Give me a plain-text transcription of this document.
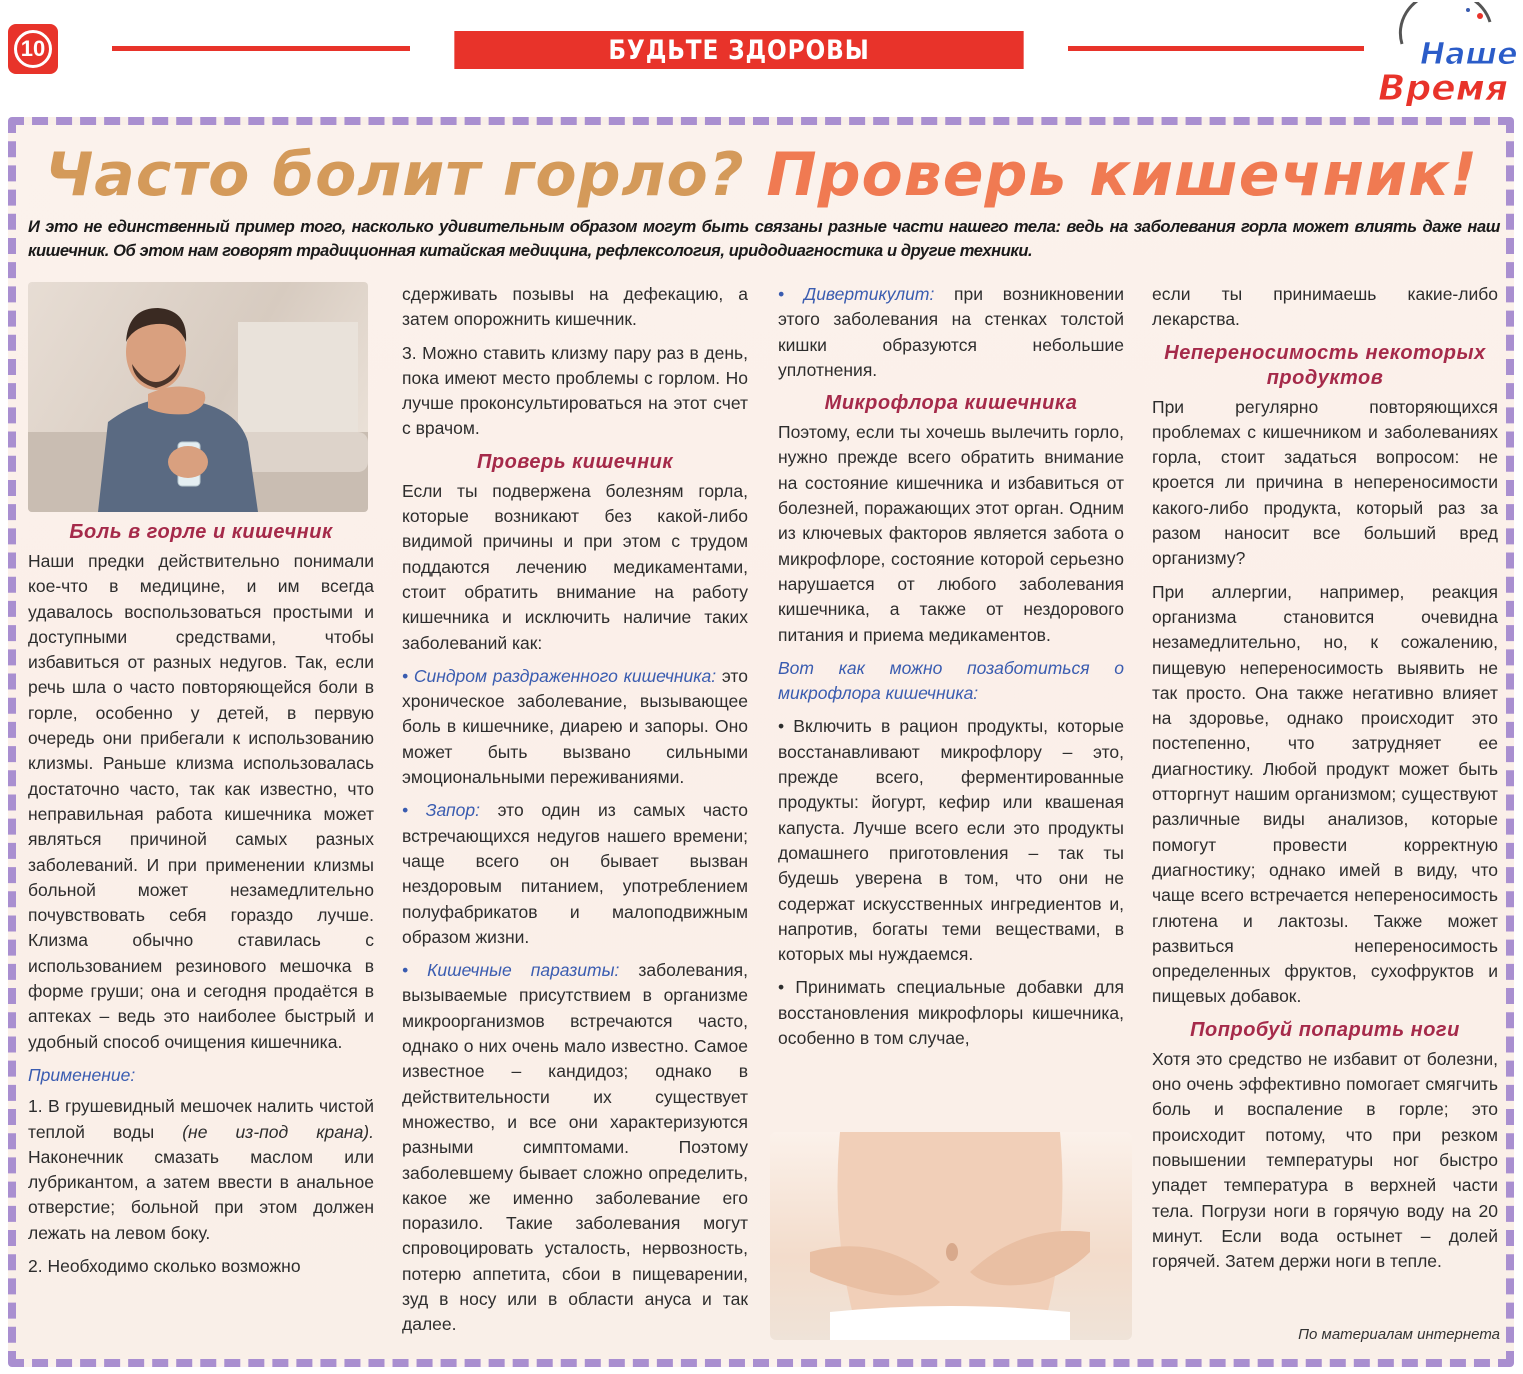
10	БУДЬТЕ ЗДОРОВЫ	Наше
Время
Часто болит горло? Проверь кишечник!
И это не единственный пример того, насколько удивительным образом могут быть связаны разные части нашего тела: ведь на заболевания горла может влиять даже наш кишечник. Об этом нам говорят традиционная китайская медицина, рефлексология, иридодиагностика и другие техники.
Боль в горле и кишечник

Наши предки действительно понимали кое-что в медицине, и им всегда удавалось воспользоваться простыми и доступными средствами, чтобы избавиться от разных недугов. Так, если речь шла о часто повторяющейся боли в горле, особенно у детей, в первую очередь они прибегали к использованию клизмы. Раньше клизма использовалась достаточно часто, так как известно, что неправильная работа кишечника может являться причиной самых разных заболеваний. И при применении клизмы больной может незамедлительно почувствовать себя гораздо лучше. Клизма обычно ставилась с использованием резинового мешочка в форме груши; она и сегодня продаётся в аптеках – ведь это наиболее быстрый и удобный способ очищения кишечника.

Применение:

1. В грушевидный мешочек налить чистой теплой воды (не из-под крана). Наконечник смазать маслом или лубрикантом, а затем ввести в анальное отверстие; больной при этом должен лежать на левом боку.

2. Необходимо сколько возможно

сдерживать позывы на дефекацию, а затем опорожнить кишечник.

3. Можно ставить клизму пару раз в день, пока имеют место проблемы с горлом. Но лучше проконсультироваться на этот счет с врачом.

Проверь кишечник

Если ты подвержена болезням горла, которые возникают без какой-либо видимой причины и при этом с трудом поддаются лечению медикаментами, стоит обратить внимание на работу кишечника и исключить наличие таких заболеваний как:

• Синдром раздраженного кишечника: это хроническое заболевание, вызывающее боль в кишечнике, диарею и запоры. Оно может быть вызвано сильными эмоциональными переживаниями.

• Запор: это один из самых часто встречающихся недугов нашего времени; чаще всего он бывает вызван нездоровым питанием, употреблением полуфабрикатов и малоподвижным образом жизни.

• Кишечные паразиты: заболевания, вызываемые присутствием в организме микроорганизмов встречаются часто, однако о них очень мало известно. Самое известное – кандидоз; однако в действительности их существует множество, и все они характеризуются разными симптомами. Поэтому заболевшему бывает сложно определить, какое же именно заболевание его поразило. Такие заболевания могут спровоцировать усталость, нервозность, потерю аппетита, сбои в пищеварении, зуд в носу или в области ануса и так далее.

• Дивертикулит: при возникновении этого заболевания на стенках толстой кишки образуются небольшие уплотнения.

Микрофлора кишечника

Поэтому, если ты хочешь вылечить горло, нужно прежде всего обратить внимание на состояние кишечника и избавиться от болезней, поражающих этот орган. Одним из ключевых факторов является забота о микрофлоре, состояние которой серьезно нарушается от любого заболевания кишечника, а также от нездорового питания и приема медикаментов.

Вот как можно позаботиться о микрофлора кишечника:

• Включить в рацион продукты, которые восстанавливают микрофлору – это, прежде всего, ферментированные продукты: йогурт, кефир или квашеная капуста. Лучше всего если это продукты домашнего приготовления – так ты будешь уверена в том, что они не содержат искусственных ингредиентов и, напротив, богаты теми веществами, в которых мы нуждаемся.

• Принимать специальные добавки для восстановления микрофлоры кишечника, особенно в том случае,

если ты принимаешь какие-либо лекарства.

Непереносимость некоторых продуктов

При регулярно повторяющихся проблемах с кишечником и заболеваниях горла, стоит задаться вопросом: не кроется ли причина в непереносимости какого-либо продукта, который раз за разом наносит все больший вред организму?

При аллергии, например, реакция организма становится очевидна незамедлительно, но, к сожалению, пищевую непереносимость выявить не так просто. Она также негативно влияет на здоровье, однако происходит это постепенно, что затрудняет ее диагностику. Любой продукт может быть отторгнут нашим организмом; существуют различные виды анализов, которые помогут провести корректную диагностику; однако имей в виду, что чаще всего встречается непереносимость глютена и лактозы. Также может развиться непереносимость определенных фруктов, сухофруктов и пищевых добавок.

Попробуй попарить ноги

Хотя это средство не избавит от болезни, оно очень эффективно помогает смягчить боль и воспаление в горле; это происходит потому, что при резком повышении температуры ног быстро упадет температура в верхней части тела. Погрузи ноги в горячую воду на 20 минут. Если вода остынет – долей горячей. Затем держи ноги в тепле.

По материалам интернета
